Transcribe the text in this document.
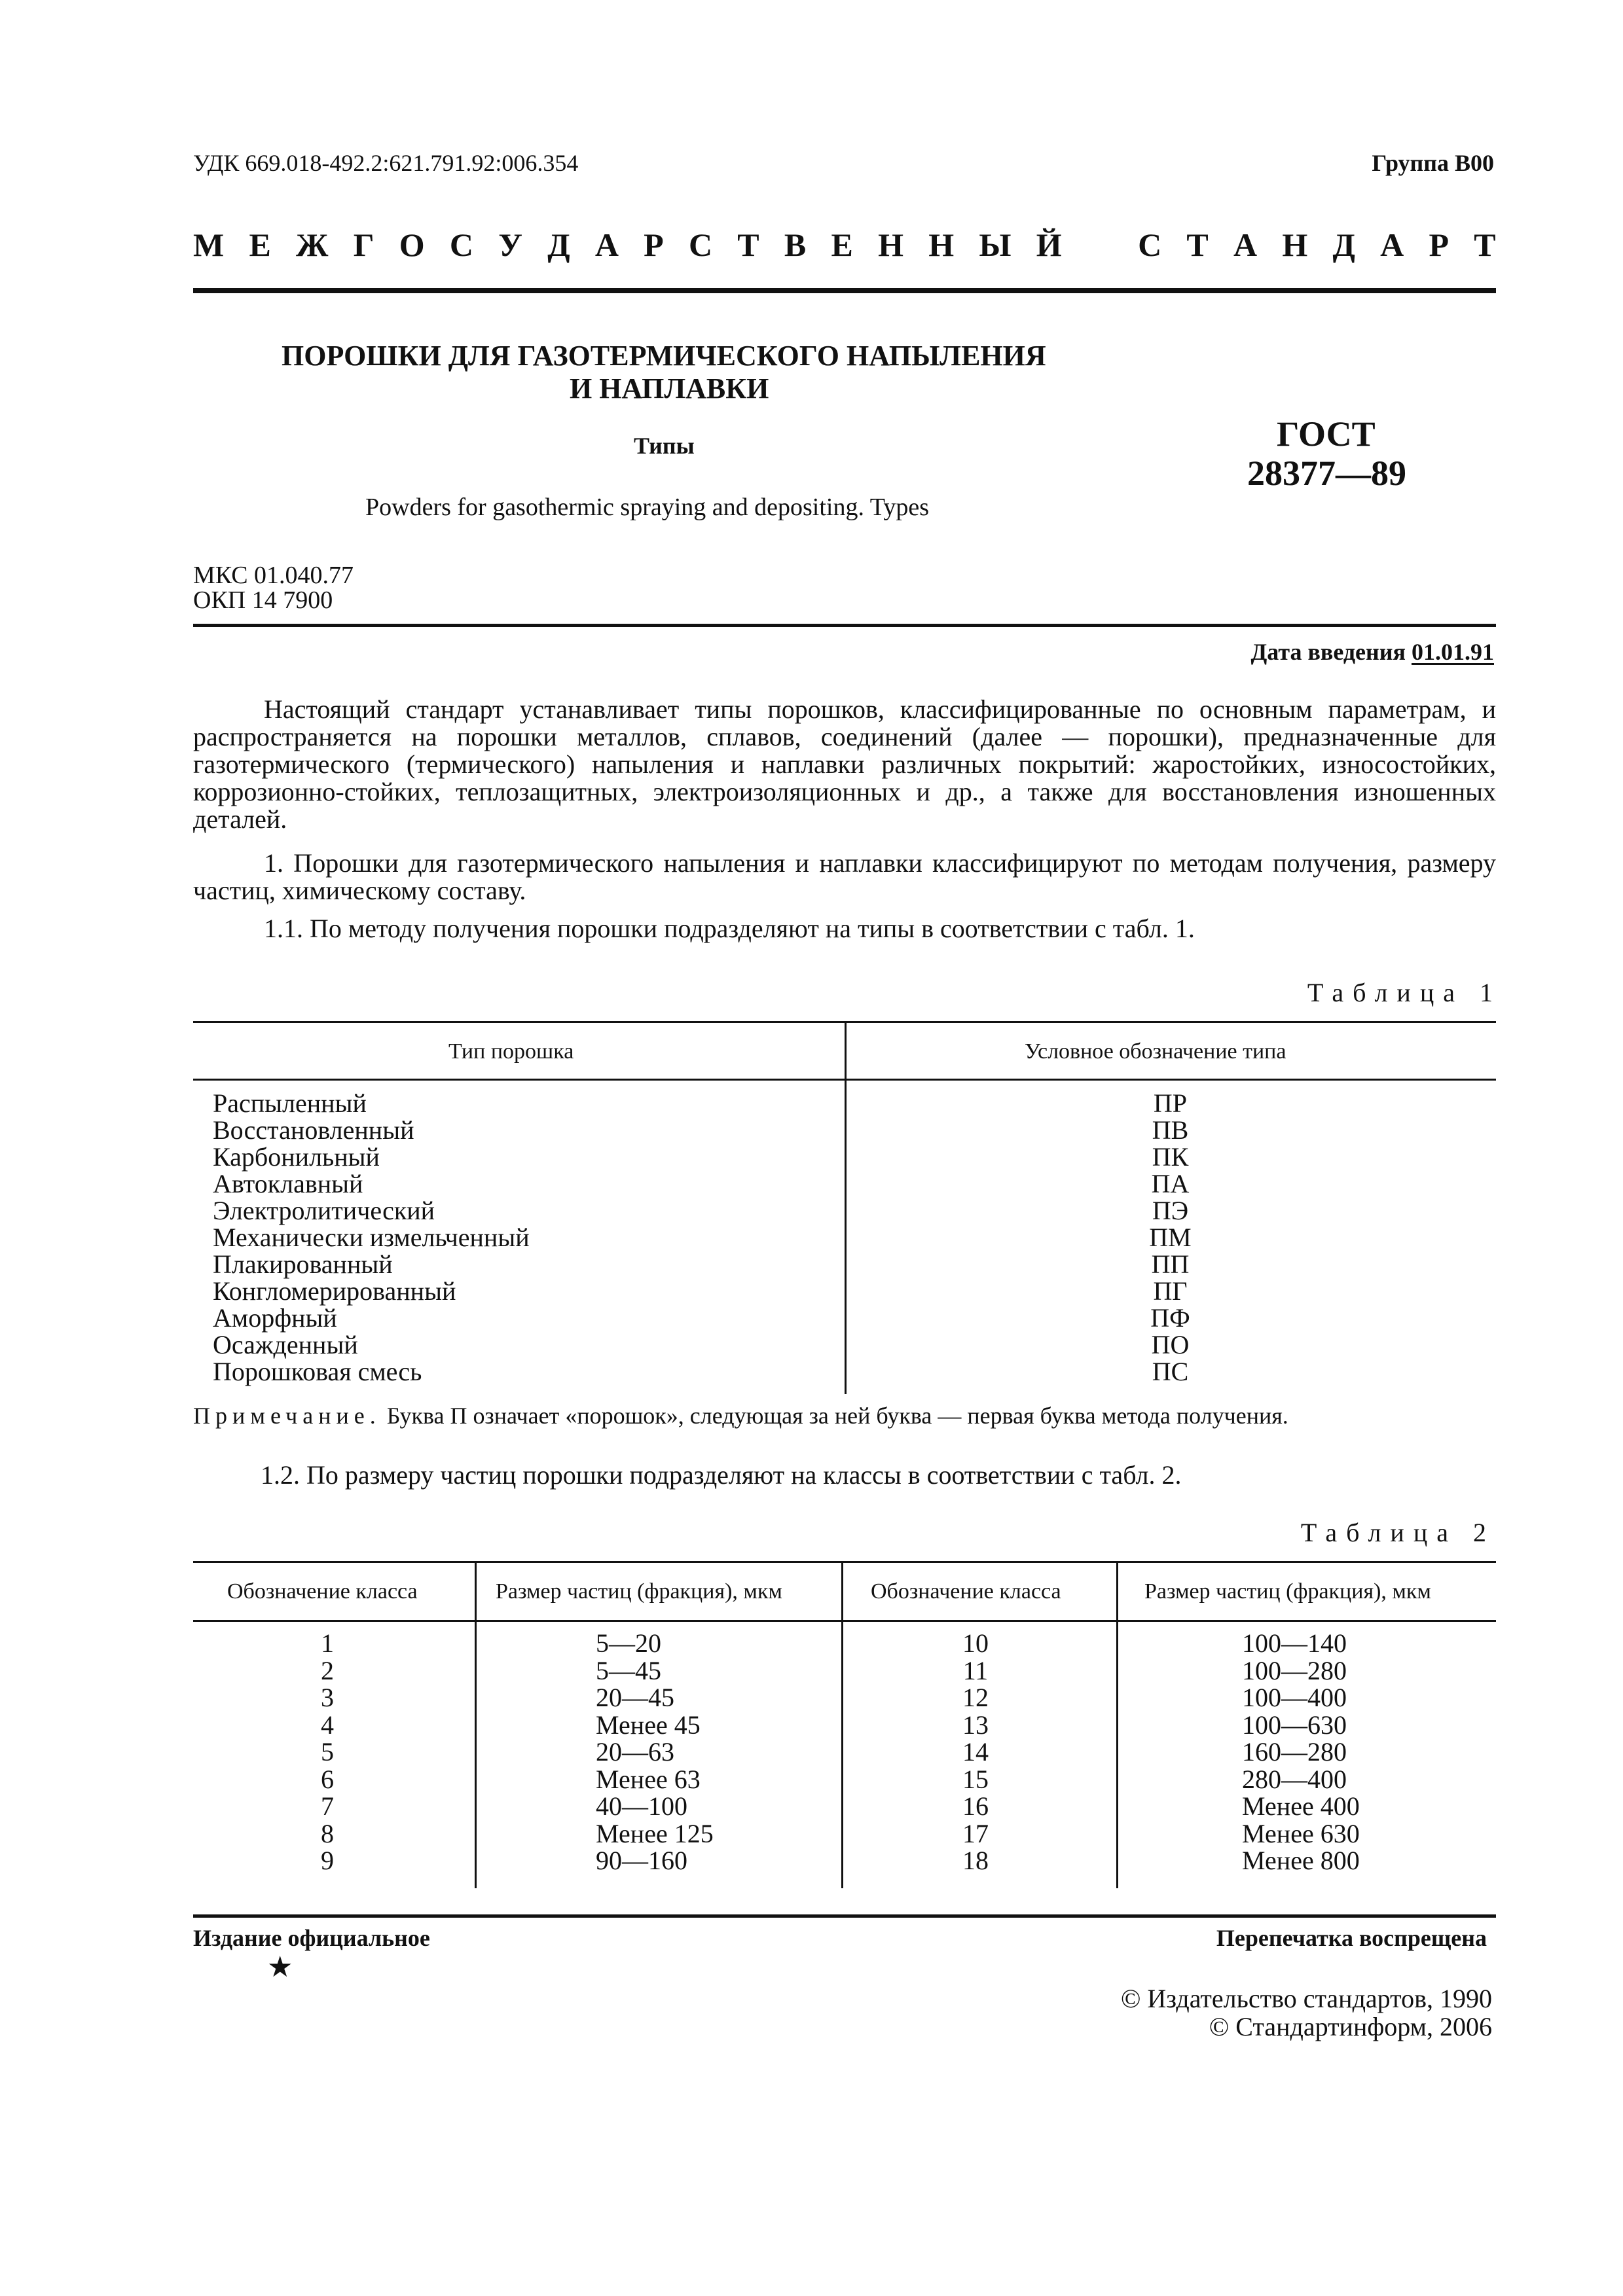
УДК 669.018-492.2:621.791.92:006.354	Группа В00
М Е Ж Г О С У Д А Р С Т В Е Н Н Ы Й С Т А Н Д А Р Т
ПОРОШКИ ДЛЯ ГАЗОТЕРМИЧЕСКОГО НАПЫЛЕНИЯ
И НАПЛАВКИ
Типы	ГОСТ
28377—89
Powders for gasothermic spraying and depositing. Types
МКС 01.040.77
ОКП 14 7900
Дата введения 01.01.91
Настоящий стандарт устанавливает типы порошков, классифицированные по основным параметрам, и распространяется на порошки металлов, сплавов, соединений (далее — порошки), предназначенные для газотермического (термического) напыления и наплавки различных покрытий: жаростойких, износостойких, коррозионно-стойких, теплозащитных, электроизоляционных и др., а также для восстановления изношенных деталей.
1. Порошки для газотермического напыления и наплавки классифицируют по методам получения, размеру частиц, химическому составу.
1.1. По методу получения порошки подразделяют на типы в соответствии с табл. 1.
Таблица 1
Тип порошка	Условное обозначение типа
Распыленный	ПР
Восстановленный	ПВ
Карбонильный	ПК
Автоклавный	ПА
Электролитический	ПЭ
Механически измельченный	ПМ
Плакированный	ПП
Конгломерированный	ПГ
Аморфный	ПФ
Осажденный	ПО
Порошковая смесь	ПС
Примечание. Буква П означает «порошок», следующая за ней буква — первая буква метода получения.
1.2. По размеру частиц порошки подразделяют на классы в соответствии с табл. 2.
Таблица 2
Обозначение класса	Размер частиц (фракция), мкм	Обозначение класса	Размер частиц (фракция), мкм
1	5—20	10	100—140
2	5—45	11	100—280
3	20—45	12	100—400
4	Менее 45	13	100—630
5	20—63	14	160—280
6	Менее 63	15	280—400
7	40—100	16	Менее 400
8	Менее 125	17	Менее 630
9	90—160	18	Менее 800
Издание официальное
★
Перепечатка воспрещена
© Издательство стандартов, 1990
© Стандартинформ, 2006
